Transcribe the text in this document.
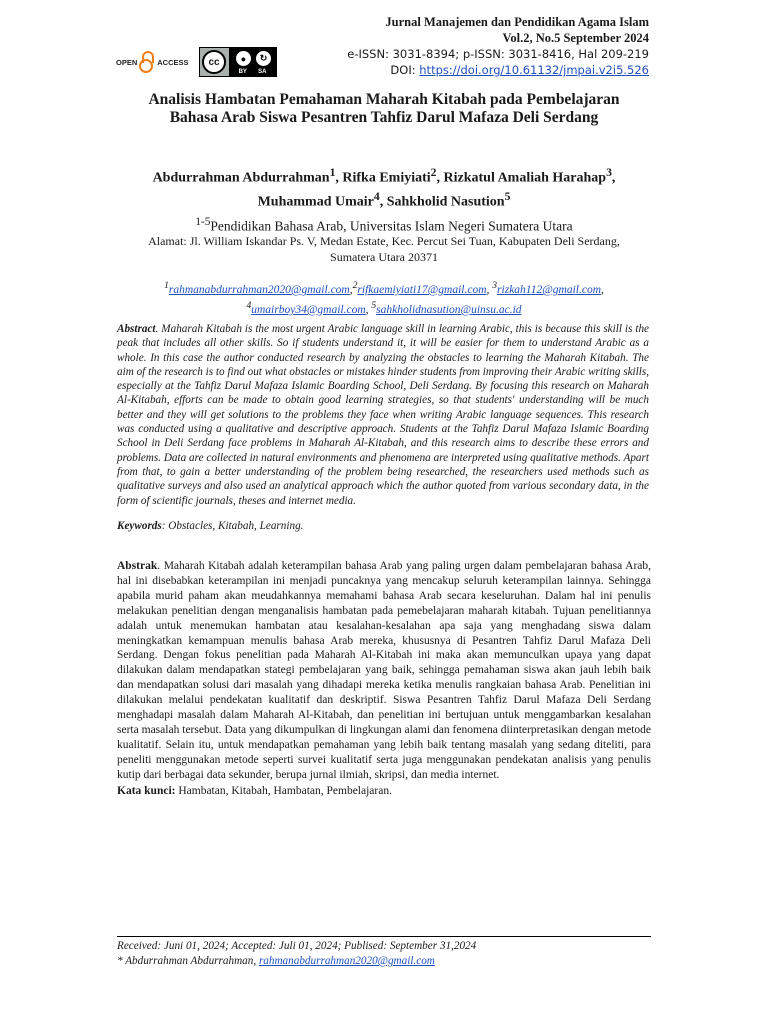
OPEN	ACCESS	cc	●	↻
BY SA
Jurnal Manajemen dan Pendidikan Agama Islam
Vol.2, No.5 September 2024
e-ISSN: 3031-8394; p-ISSN: 3031-8416, Hal 209-219
DOI: https://doi.org/10.61132/jmpai.v2i5.526
Analisis Hambatan Pemahaman Maharah Kitabah pada Pembelajaran
Bahasa Arab Siswa Pesantren Tahfiz Darul Mafaza Deli Serdang
Abdurrahman Abdurrahman$^1$, Rifka Emiyiati$^2$, Rizkatul Amaliah Harahap$^3$,
Muhammad Umair$^4$, Sahkholid Nasution$^5$
$^{1-5}$Pendidikan Bahasa Arab, Universitas Islam Negeri Sumatera Utara
Alamat: Jl. William Iskandar Ps. V, Medan Estate, Kec. Percut Sei Tuan, Kabupaten Deli Serdang,
Sumatera Utara 20371
$^1$rahmanabdurrahman2020@gmail.com,$^2$rifkaemiyiati17@gmail.com, $^3$rizkah112@gmail.com,
$^4$umairboy34@gmail.com, $^5$sahkholidnasution@uinsu.ac.id
Abstract. Maharah Kitabah is the most urgent Arabic language skill in learning Arabic, this is because this skill is the peak that includes all other skills. So if students understand it, it will be easier for them to understand Arabic as a whole. In this case the author conducted research by analyzing the obstacles to learning the Maharah Kitabah. The aim of the research is to find out what obstacles or mistakes hinder students from improving their Arabic writing skills, especially at the Tahfiz Darul Mafaza Islamic Boarding School, Deli Serdang. By focusing this research on Maharah Al-Kitabah, efforts can be made to obtain good learning strategies, so that students' understanding will be much better and they will get solutions to the problems they face when writing Arabic language sequences. This research was conducted using a qualitative and descriptive approach. Students at the Tahfiz Darul Mafaza Islamic Boarding School in Deli Serdang face problems in Maharah Al-Kitabah, and this research aims to describe these errors and problems. Data are collected in natural environments and phenomena are interpreted using qualitative methods. Apart from that, to gain a better understanding of the problem being researched, the researchers used methods such as qualitative surveys and also used an analytical approach which the author quoted from various secondary data, in the form of scientific journals, theses and internet media.
Keywords: Obstacles, Kitabah, Learning.
Abstrak. Maharah Kitabah adalah keterampilan bahasa Arab yang paling urgen dalam pembelajaran bahasa Arab, hal ini disebabkan keterampilan ini menjadi puncaknya yang mencakup seluruh keterampilan lainnya. Sehingga apabila murid paham akan meudahkannya memahami bahasa Arab secara keseluruhan. Dalam hal ini penulis melakukan penelitian dengan menganalisis hambatan pada pemebelajaran maharah kitabah. Tujuan penelitiannya adalah untuk menemukan hambatan atau kesalahan-kesalahan apa saja yang menghadang siswa dalam meningkatkan kemampuan menulis bahasa Arab mereka, khususnya di Pesantren Tahfiz Darul Mafaza Deli Serdang. Dengan fokus penelitian pada Maharah Al-Kitabah ini maka akan memunculkan upaya yang dapat dilakukan dalam mendapatkan stategi pembelajaran yang baik, sehingga pemahaman siswa akan jauh lebih baik dan mendapatkan solusi dari masalah yang dihadapi mereka ketika menulis rangkaian bahasa Arab. Penelitian ini dilakukan melalui pendekatan kualitatif dan deskriptif. Siswa Pesantren Tahfiz Darul Mafaza Deli Serdang menghadapi masalah dalam Maharah Al-Kitabah, dan penelitian ini bertujuan untuk menggambarkan kesalahan serta masalah tersebut. Data yang dikumpulkan di lingkungan alami dan fenomena diinterpretasikan dengan metode kualitatif. Selain itu, untuk mendapatkan pemahaman yang lebih baik tentang masalah yang sedang diteliti, para peneliti menggunakan metode seperti survei kualitatif serta juga menggunakan pendekatan analisis yang penulis kutip dari berbagai data sekunder, berupa jurnal ilmiah, skripsi, dan media internet.
Kata kunci: Hambatan, Kitabah, Hambatan, Pembelajaran.
Received: Juni 01, 2024; Accepted: Juli 01, 2024; Publised: September 31,2024
* Abdurrahman Abdurrahman, rahmanabdurrahman2020@gmail.com
